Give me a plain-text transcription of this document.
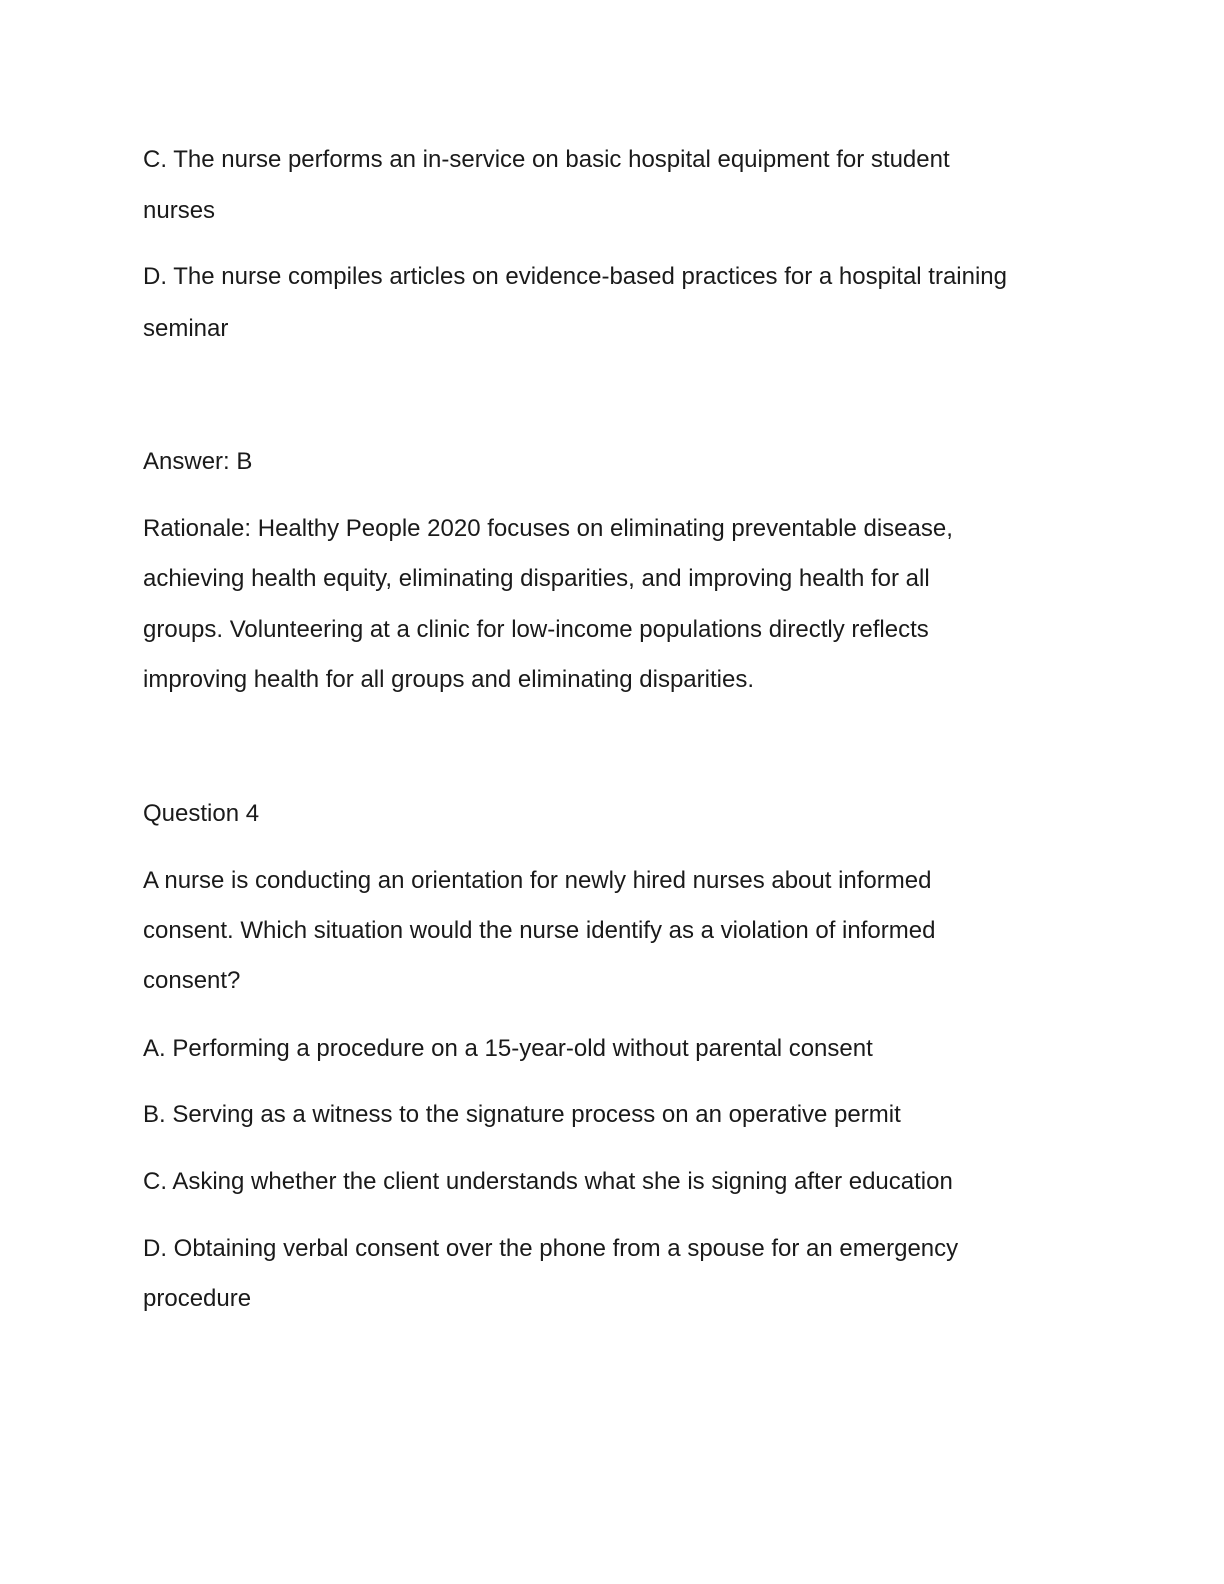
C. The nurse performs an in-service on basic hospital equipment for student
nurses
D. The nurse compiles articles on evidence-based practices for a hospital training
seminar
Answer: B
Rationale: Healthy People 2020 focuses on eliminating preventable disease,
achieving health equity, eliminating disparities, and improving health for all
groups. Volunteering at a clinic for low-income populations directly reflects
improving health for all groups and eliminating disparities.
Question 4
A nurse is conducting an orientation for newly hired nurses about informed
consent. Which situation would the nurse identify as a violation of informed
consent?
A. Performing a procedure on a 15-year-old without parental consent
B. Serving as a witness to the signature process on an operative permit
C. Asking whether the client understands what she is signing after education
D. Obtaining verbal consent over the phone from a spouse for an emergency
procedure
